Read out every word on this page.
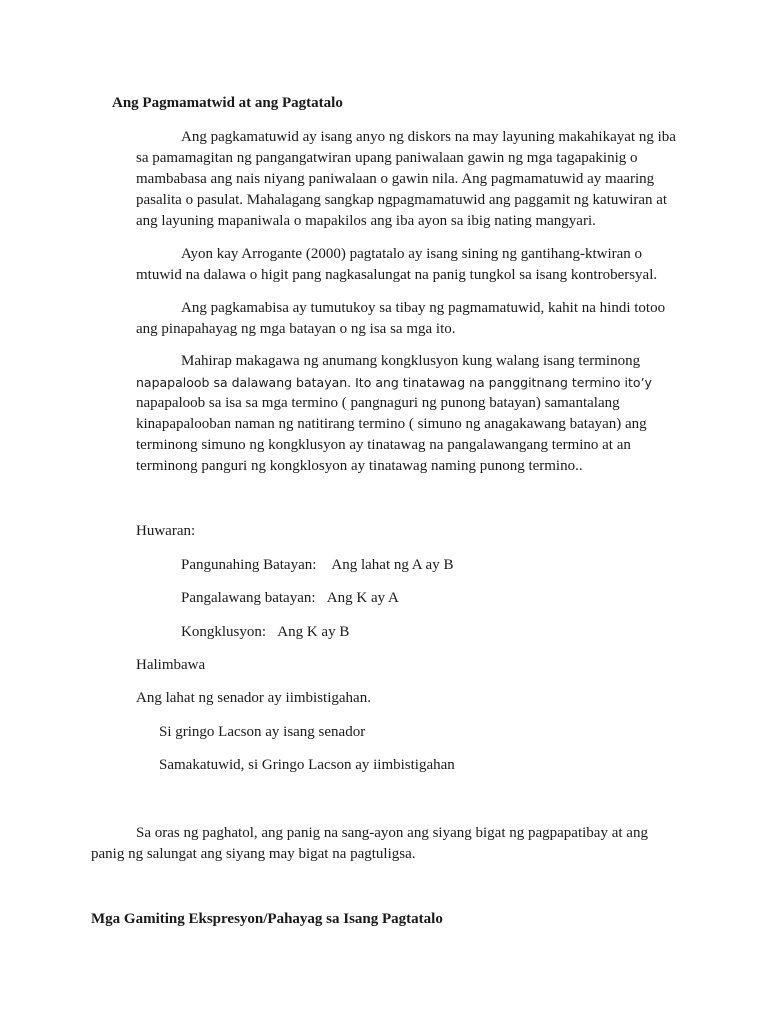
Ang Pagmamatwid at ang Pagtatalo
Ang pagkamatuwid ay isang anyo ng diskors na may layuning makahikayat ng iba
sa pamamagitan ng pangangatwiran upang paniwalaan gawin ng mga tagapakinig o
mambabasa ang nais niyang paniwalaan o gawin nila. Ang pagmamatuwid ay maaring
pasalita o pasulat. Mahalagang sangkap ngpagmamatuwid ang paggamit ng katuwiran at
ang layuning mapaniwala o mapakilos ang iba ayon sa ibig nating mangyari.
Ayon kay Arrogante (2000) pagtatalo ay isang sining ng gantihang-ktwiran o
mtuwid na dalawa o higit pang nagkasalungat na panig tungkol sa isang kontrobersyal.
Ang pagkamabisa ay tumutukoy sa tibay ng pagmamatuwid, kahit na hindi totoo
ang pinapahayag ng mga batayan o ng isa sa mga ito.
Mahirap makagawa ng anumang kongklusyon kung walang isang terminong
napapaloob sa dalawang batayan. Ito ang tinatawag na panggitnang termino ito’y
napapaloob sa isa sa mga termino ( pangnaguri ng punong batayan) samantalang
kinapapalooban naman ng natitirang termino ( simuno ng anagakawang batayan) ang
terminong simuno ng kongklusyon ay tinatawag na pangalawangang termino at an
terminong panguri ng kongklosyon ay tinatawag naming punong termino..
Huwaran:
Pangunahing Batayan:    Ang lahat ng A ay B
Pangalawang batayan:   Ang K ay A
Kongklusyon:   Ang K ay B
Halimbawa
Ang lahat ng senador ay iimbistigahan.
Si gringo Lacson ay isang senador
Samakatuwid, si Gringo Lacson ay iimbistigahan
Sa oras ng paghatol, ang panig na sang-ayon ang siyang bigat ng pagpapatibay at ang
panig ng salungat ang siyang may bigat na pagtuligsa.
Mga Gamiting Ekspresyon/Pahayag sa Isang Pagtatalo
